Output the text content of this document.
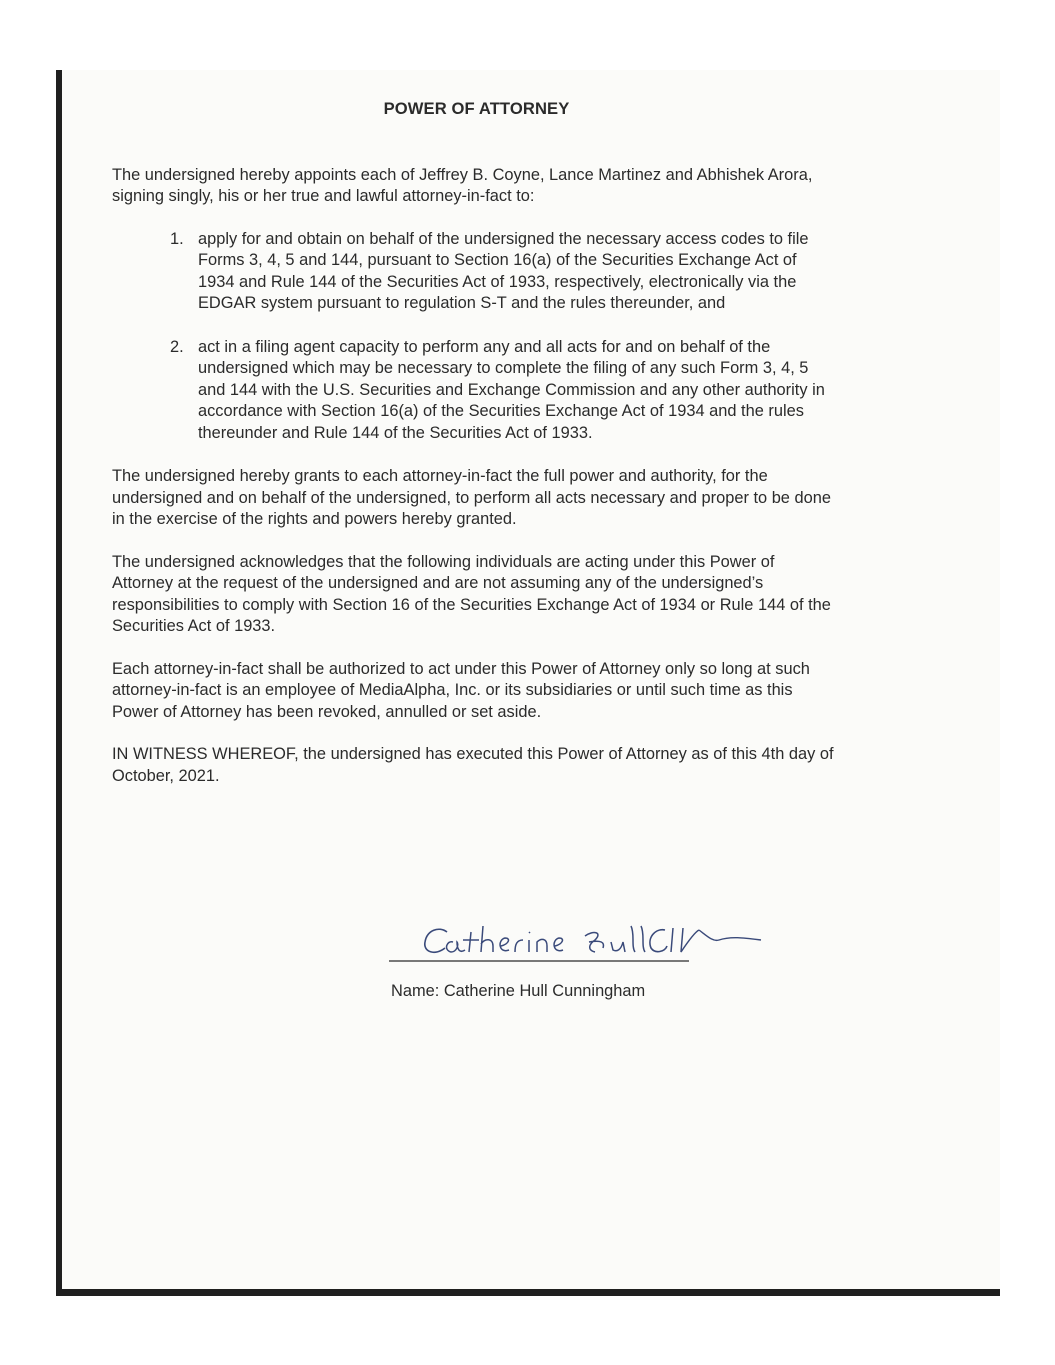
POWER OF ATTORNEY

The undersigned hereby appoints each of Jeffrey B. Coyne, Lance Martinez and Abhishek Arora, signing singly, his or her true and lawful attorney-in-fact to:

1. apply for and obtain on behalf of the undersigned the necessary access codes to file Forms 3, 4, 5 and 144, pursuant to Section 16(a) of the Securities Exchange Act of 1934 and Rule 144 of the Securities Act of 1933, respectively, electronically via the EDGAR system pursuant to regulation S-T and the rules thereunder, and
2. act in a filing agent capacity to perform any and all acts for and on behalf of the undersigned which may be necessary to complete the filing of any such Form 3, 4, 5 and 144 with the U.S. Securities and Exchange Commission and any other authority in accordance with Section 16(a) of the Securities Exchange Act of 1934 and the rules thereunder and Rule 144 of the Securities Act of 1933.

The undersigned hereby grants to each attorney-in-fact the full power and authority, for the undersigned and on behalf of the undersigned, to perform all acts necessary and proper to be done in the exercise of the rights and powers hereby granted.

The undersigned acknowledges that the following individuals are acting under this Power of Attorney at the request of the undersigned and are not assuming any of the undersigned’s responsibilities to comply with Section 16 of the Securities Exchange Act of 1934 or Rule 144 of the Securities Act of 1933.

Each attorney-in-fact shall be authorized to act under this Power of Attorney only so long at such attorney-in-fact is an employee of MediaAlpha, Inc. or its subsidiaries or until such time as this Power of Attorney has been revoked, annulled or set aside.

IN WITNESS WHEREOF, the undersigned has executed this Power of Attorney as of this 4th day of October, 2021.

Name: Catherine Hull Cunningham
